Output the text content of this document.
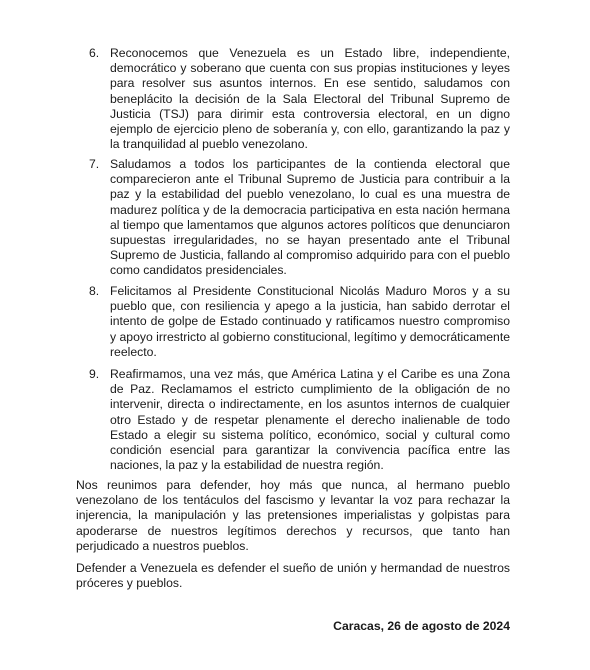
6. Reconocemos que Venezuela es un Estado libre, independiente, democrático y soberano que cuenta con sus propias instituciones y leyes para resolver sus asuntos internos. En ese sentido, saludamos con beneplácito la decisión de la Sala Electoral del Tribunal Supremo de Justicia (TSJ) para dirimir esta controversia electoral, en un digno ejemplo de ejercicio pleno de soberanía y, con ello, garantizando la paz y la tranquilidad al pueblo venezolano.
7. Saludamos a todos los participantes de la contienda electoral que comparecieron ante el Tribunal Supremo de Justicia para contribuir a la paz y la estabilidad del pueblo venezolano, lo cual es una muestra de madurez política y de la democracia participativa en esta nación hermana al tiempo que lamentamos que algunos actores políticos que denunciaron supuestas irregularidades, no se hayan presentado ante el Tribunal Supremo de Justicia, fallando al compromiso adquirido para con el pueblo como candidatos presidenciales.
8. Felicitamos al Presidente Constitucional Nicolás Maduro Moros y a su pueblo que, con resiliencia y apego a la justicia, han sabido derrotar el intento de golpe de Estado continuado y ratificamos nuestro compromiso y apoyo irrestricto al gobierno constitucional, legítimo y democráticamente reelecto.
9. Reafirmamos, una vez más, que América Latina y el Caribe es una Zona de Paz. Reclamamos el estricto cumplimiento de la obligación de no intervenir, directa o indirectamente, en los asuntos internos de cualquier otro Estado y de respetar plenamente el derecho inalienable de todo Estado a elegir su sistema político, económico, social y cultural como condición esencial para garantizar la convivencia pacífica entre las naciones, la paz y la estabilidad de nuestra región.

Nos reunimos para defender, hoy más que nunca, al hermano pueblo venezolano de los tentáculos del fascismo y levantar la voz para rechazar la injerencia, la manipulación y las pretensiones imperialistas y golpistas para apoderarse de nuestros legítimos derechos y recursos, que tanto han perjudicado a nuestros pueblos.

Defender a Venezuela es defender el sueño de unión y hermandad de nuestros próceres y pueblos.

Caracas, 26 de agosto de 2024
